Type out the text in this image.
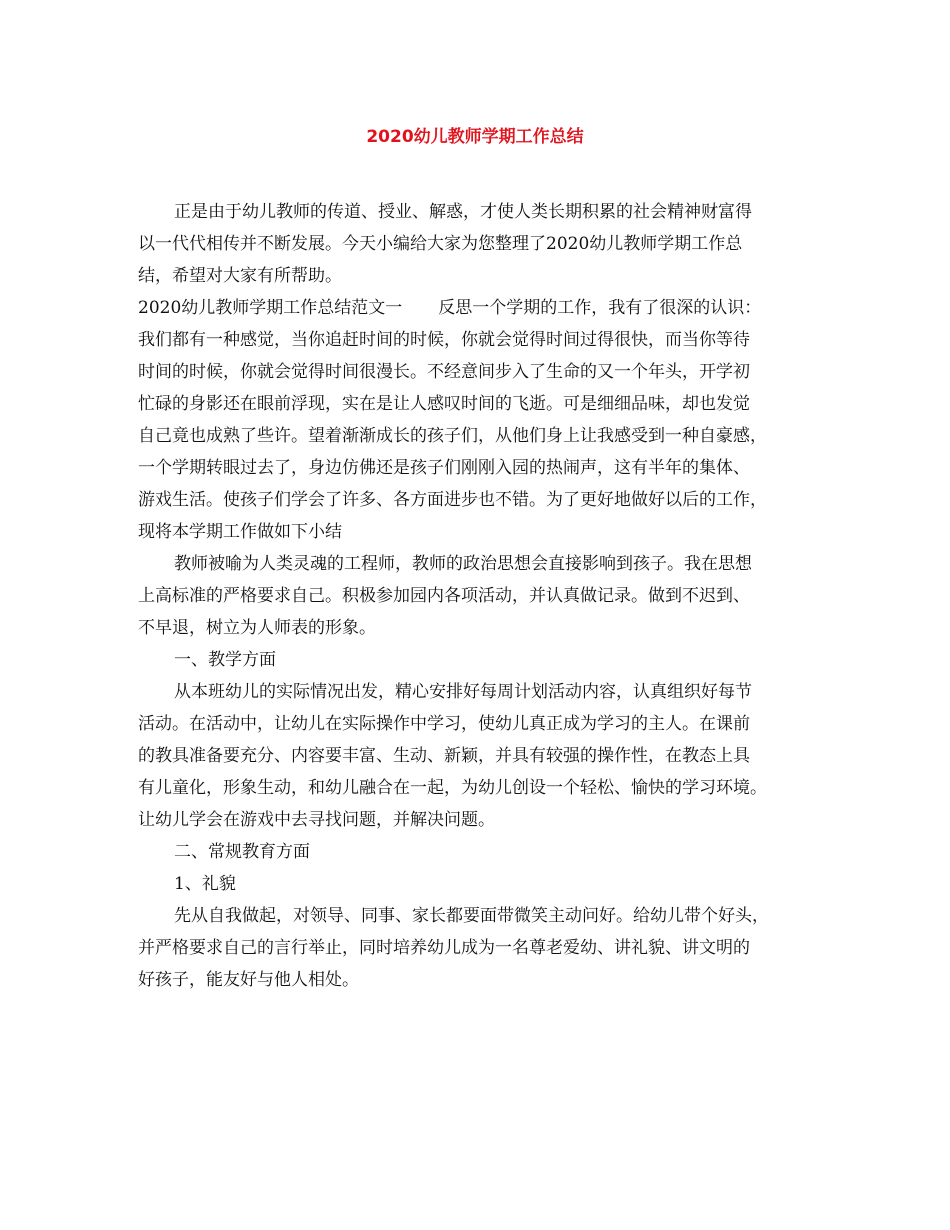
2020幼儿教师学期工作总结
正是由于幼儿教师的传道、授业、解惑，才使人类长期积累的社会精神财富得
以一代代相传并不断发展。今天小编给大家为您整理了2020幼儿教师学期工作总
结，希望对大家有所帮助。
2020幼儿教师学期工作总结范文一 反思一个学期的工作，我有了很深的认识：
我们都有一种感觉，当你追赶时间的时候，你就会觉得时间过得很快，而当你等待
时间的时候，你就会觉得时间很漫长。不经意间步入了生命的又一个年头，开学初
忙碌的身影还在眼前浮现，实在是让人感叹时间的飞逝。可是细细品味，却也发觉
自己竟也成熟了些许。望着渐渐成长的孩子们，从他们身上让我感受到一种自豪感，
一个学期转眼过去了，身边仿佛还是孩子们刚刚入园的热闹声，这有半年的集体、
游戏生活。使孩子们学会了许多、各方面进步也不错。为了更好地做好以后的工作，
现将本学期工作做如下小结
教师被喻为人类灵魂的工程师，教师的政治思想会直接影响到孩子。我在思想
上高标准的严格要求自己。积极参加园内各项活动，并认真做记录。做到不迟到、
不早退，树立为人师表的形象。
一、教学方面
从本班幼儿的实际情况出发，精心安排好每周计划活动内容，认真组织好每节
活动。在活动中，让幼儿在实际操作中学习，使幼儿真正成为学习的主人。在课前
的教具准备要充分、内容要丰富、生动、新颖，并具有较强的操作性，在教态上具
有儿童化，形象生动，和幼儿融合在一起，为幼儿创设一个轻松、愉快的学习环境。
让幼儿学会在游戏中去寻找问题，并解决问题。
二、常规教育方面
1、礼貌
先从自我做起，对领导、同事、家长都要面带微笑主动问好。给幼儿带个好头，
并严格要求自己的言行举止，同时培养幼儿成为一名尊老爱幼、讲礼貌、讲文明的
好孩子，能友好与他人相处。
